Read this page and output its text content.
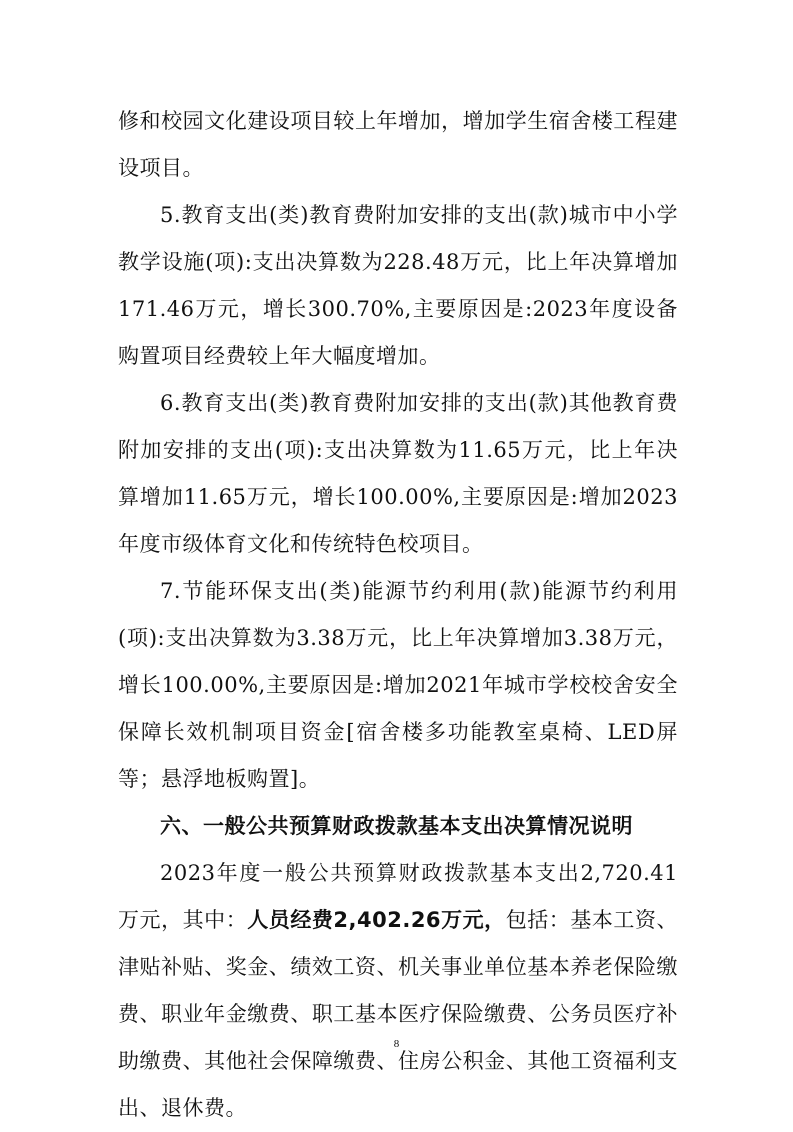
修和校园文化建设项目较上年增加，增加学生宿舍楼工程建设项目。

5.教育支出(类)教育费附加安排的支出(款)城市中小学教学设施(项):支出决算数为228.48万元，比上年决算增加171.46万元，增长300.70%,主要原因是:2023年度设备购置项目经费较上年大幅度增加。

6.教育支出(类)教育费附加安排的支出(款)其他教育费附加安排的支出(项):支出决算数为11.65万元，比上年决算增加11.65万元，增长100.00%,主要原因是:增加2023年度市级体育文化和传统特色校项目。

7.节能环保支出(类)能源节约利用(款)能源节约利用(项):支出决算数为3.38万元，比上年决算增加3.38万元，增长100.00%,主要原因是:增加2021年城市学校校舍安全保障长效机制项目资金[宿舍楼多功能教室桌椅、LED屏等；悬浮地板购置]。

六、一般公共预算财政拨款基本支出决算情况说明

2023年度一般公共预算财政拨款基本支出2,720.41万元，其中：人员经费2,402.26万元，包括：基本工资、津贴补贴、奖金、绩效工资、机关事业单位基本养老保险缴费、职业年金缴费、职工基本医疗保险缴费、公务员医疗补助缴费、其他社会保障缴费、住房公积金、其他工资福利支出、退休费。

8
